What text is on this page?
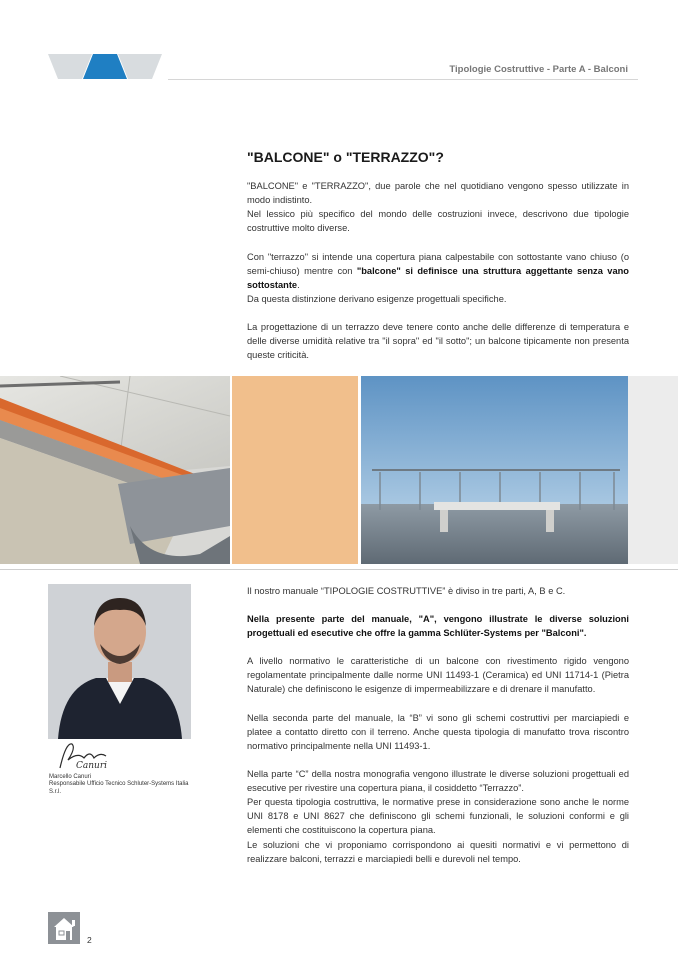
Tipologie Costruttive - Parte A - Balconi
"BALCONE" o "TERRAZZO"?

"BALCONE" e "TERRAZZO", due parole che nel quotidiano vengono spesso utilizzate in modo indistinto.

Nel lessico più specifico del mondo delle costruzioni invece, descrivono due tipologie costruttive molto diverse.

Con "terrazzo" si intende una copertura piana calpestabile con sottostante vano chiuso (o semi-chiuso) mentre con "balcone" si definisce una struttura aggettante senza vano sottostante.

Da questa distinzione derivano esigenze progettuali specifiche.

La progettazione di un terrazzo deve tenere conto anche delle differenze di temperatura e delle diverse umidità relative tra "il sopra" ed "il sotto"; un balcone tipicamente non presenta queste criticità.

Canuri
Marcello Canuri
Responsabile Ufficio Tecnico Schluter-Systems Italia
S.r.l.

Il nostro manuale “TIPOLOGIE COSTRUTTIVE” è diviso in tre parti, A, B e C.

Nella presente parte del manuale, "A", vengono illustrate le diverse soluzioni progettuali ed esecutive che offre la gamma Schlüter-Systems per "Balconi".

A livello normativo le caratteristiche di un balcone con rivestimento rigido vengono regolamentate principalmente dalle norme UNI 11493-1 (Ceramica) ed UNI 11714-1 (Pietra Naturale) che definiscono le esigenze di impermeabilizzare e di drenare il manufatto.

Nella seconda parte del manuale, la “B” vi sono gli schemi costruttivi per marciapiedi e platee a contatto diretto con il terreno. Anche questa tipologia di manufatto trova riscontro normativo principalmente nella UNI 11493-1.

Nella parte “C” della nostra monografia vengono illustrate le diverse soluzioni progettuali ed esecutive per rivestire una copertura piana, il cosiddetto “Terrazzo”.

Per questa tipologia costruttiva, le normative prese in considerazione sono anche le norme UNI 8178 e UNI 8627 che definiscono gli schemi funzionali, le soluzioni conformi e gli elementi che costituiscono la copertura piana.

Le soluzioni che vi proponiamo corrispondono ai quesiti normativi e vi permettono di realizzare balconi, terrazzi e marciapiedi belli e durevoli nel tempo.

2
